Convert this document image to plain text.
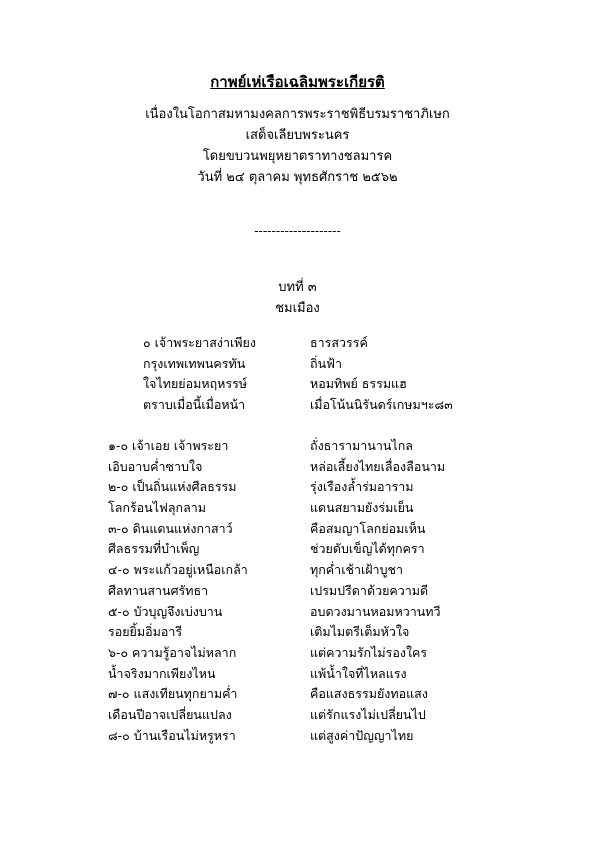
กาพย์เห่เรือเฉลิมพระเกียรติ
เนื่องในโอกาสมหามงคลการพระราชพิธีบรมราชาภิเษก
เสด็จเลียบพระนคร
โดยขบวนพยุหยาตราทางชลมารค
วันที่ ๒๔ ตุลาคม พุทธศักราช ๒๕๖๒
--------------------
บทที่ ๓
ชมเมือง
๐ เจ้าพระยาสง่าเพียง	ธารสวรรค์
กรุงเทพเทพนครทัน	ถิ่นฟ้า
ใจไทยย่อมหฤหรรษ์	หอมทิพย์ ธรรมแฮ
ตราบเมื่อนี้เมื่อหน้า	เมื่อโน้นนิรันดร์เกษมฯะ๘๓
๑-๐ เจ้าเอย เจ้าพระยา	ถั่งธารามานานไกล
เอิบอาบค่ำซาบใจ	หล่อเลี้ยงไทยเลื่องลือนาม
๒-๐ เป็นถิ่นแห่งศีลธรรม	รุ่งเรืองล้ำร่มอาราม
โลกร้อนไฟลุกลาม	แดนสยามยังร่มเย็น
๓-๐ ดินแดนแห่งกาสาว์	คือสมญาโลกย่อมเห็น
ศีลธรรมที่บำเพ็ญ	ช่วยดับเข็ญได้ทุกครา
๔-๐ พระแก้วอยู่เหนือเกล้า	ทุกค่ำเช้าเฝ้าบูชา
ศีลทานสานศรัทธา	เปรมปรีดาด้วยความดี
๕-๐ บัวบุญจึงเบ่งบาน	อบดวงมานหอมหวานทวี
รอยยิ้มอิ่มอารี	เติมไมตรีเต็มหัวใจ
๖-๐ ความรู้อาจไม่หลาก	แต่ความรักไม่รองใคร
น้ำจริงมากเพียงไหน	แพ้น้ำใจที่ไหลแรง
๗-๐ แสงเทียนทุกยามค่ำ	คือแสงธรรมยังทอแสง
เดือนปีอาจเปลี่ยนแปลง	แต่รักแรงไม่เปลี่ยนไป
๘-๐ บ้านเรือนไม่หรูหรา	แต่สูงค่าปัญญาไทย
